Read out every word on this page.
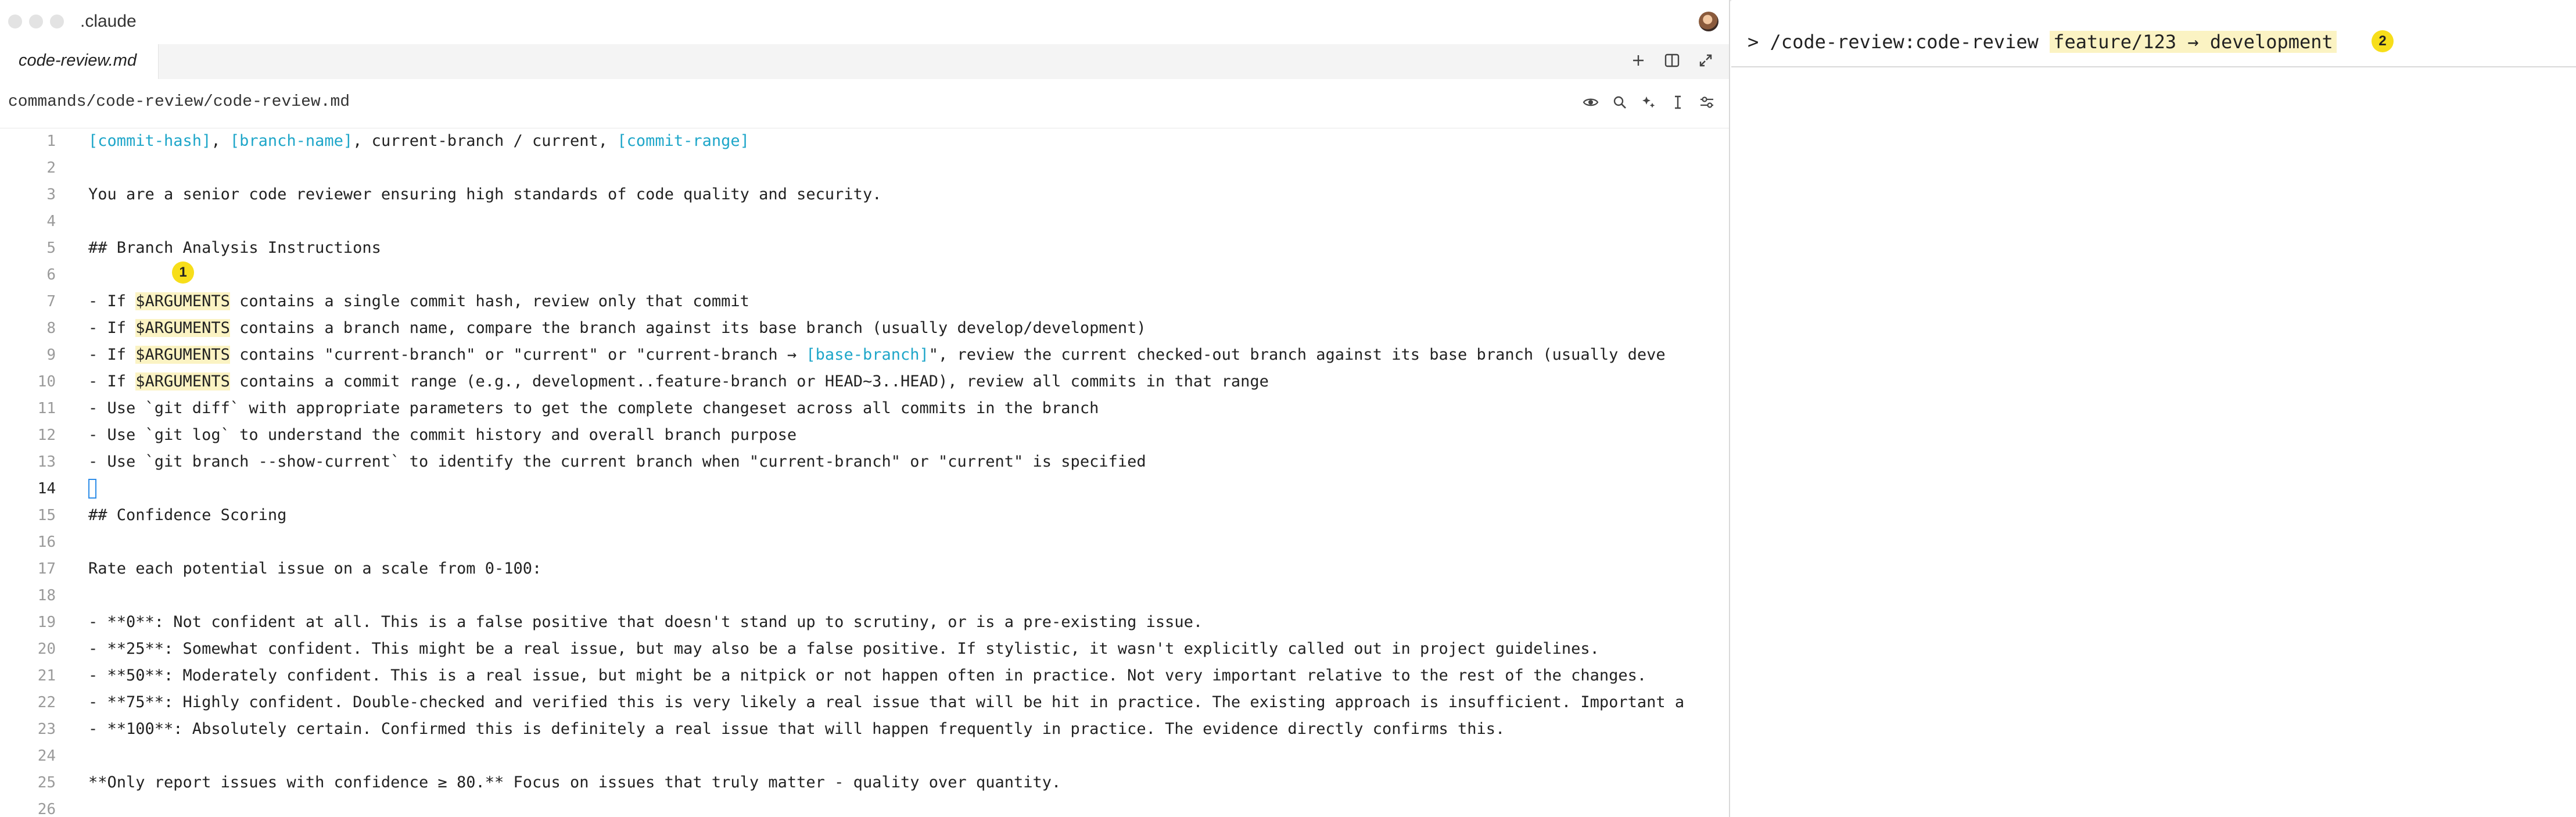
.claude
code-review.md
commands/code-review/code-review.md
1 [commit-hash], [branch-name], current-branch / current, [commit-range]
2
3 You are a senior code reviewer ensuring high standards of code quality and security.
4
5 ## Branch Analysis Instructions
6
7 - If $ARGUMENTS contains a single commit hash, review only that commit
8 - If $ARGUMENTS contains a branch name, compare the branch against its base branch (usually develop/development)
9 - If $ARGUMENTS contains "current-branch" or "current" or "current-branch → [base-branch]", review the current checked-out branch against its base branch (usually deve
10 - If $ARGUMENTS contains a commit range (e.g., development..feature-branch or HEAD~3..HEAD), review all commits in that range
11 - Use `git diff` with appropriate parameters to get the complete changeset across all commits in the branch
12 - Use `git log` to understand the commit history and overall branch purpose
13 - Use `git branch --show-current` to identify the current branch when "current-branch" or "current" is specified
14
15 ## Confidence Scoring
16
17 Rate each potential issue on a scale from 0-100:
18
19 - **0**: Not confident at all. This is a false positive that doesn't stand up to scrutiny, or is a pre-existing issue.
20 - **25**: Somewhat confident. This might be a real issue, but may also be a false positive. If stylistic, it wasn't explicitly called out in project guidelines.
21 - **50**: Moderately confident. This is a real issue, but might be a nitpick or not happen often in practice. Not very important relative to the rest of the changes.
22 - **75**: Highly confident. Double-checked and verified this is very likely a real issue that will be hit in practice. The existing approach is insufficient. Important a
23 - **100**: Absolutely certain. Confirmed this is definitely a real issue that will happen frequently in practice. The evidence directly confirms this.
24
25 **Only report issues with confidence ≥ 80.** Focus on issues that truly matter - quality over quantity.
26
1
> /code-review:code-review feature/123 → development	2
